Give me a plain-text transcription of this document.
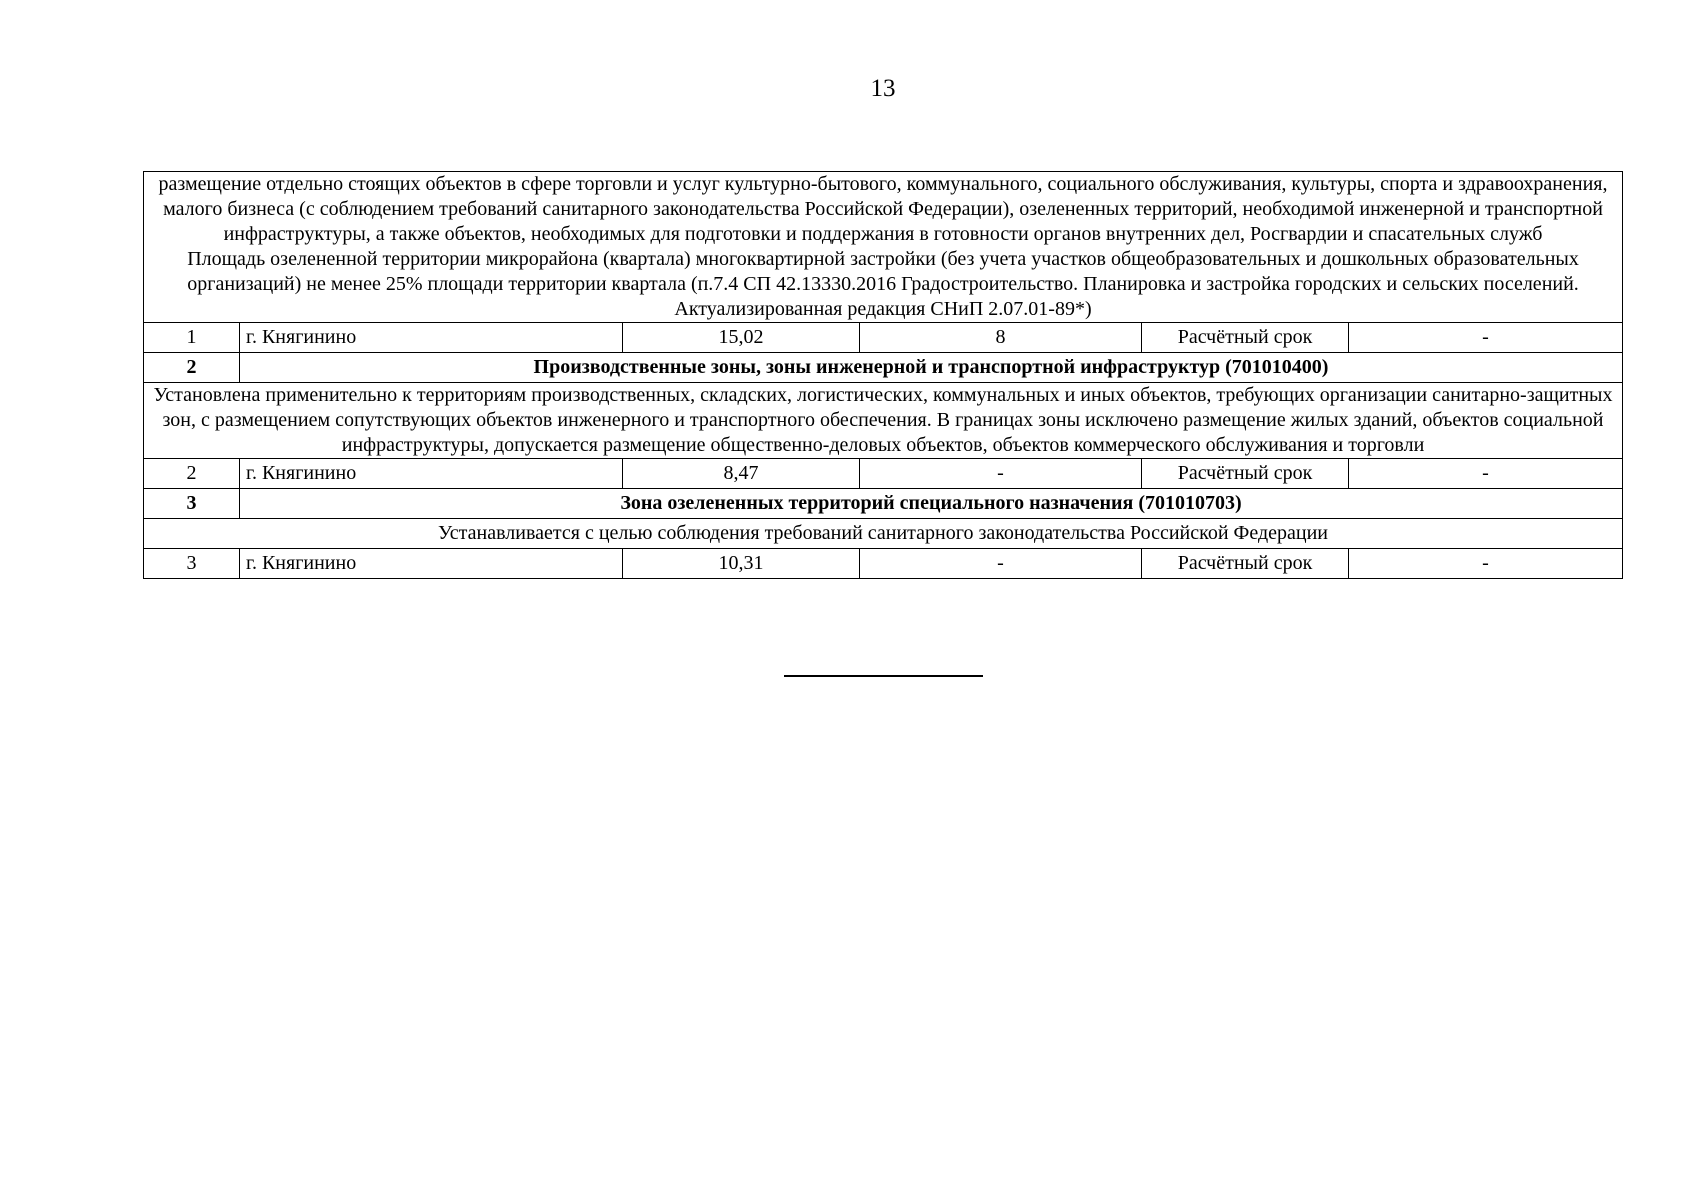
13

размещение отдельно стоящих объектов в сфере торговли и услуг культурно-бытового, коммунального, социального обслуживания, культуры, спорта и здравоохранения, малого бизнеса (с соблюдением требований санитарного законодательства Российской Федерации), озелененных территорий, необходимой инженерной и транспортной инфраструктуры, а также объектов, необходимых для подготовки и поддержания в готовности органов внутренних дел, Росгвардии и спасательных служб

Площадь озелененной территории микрорайона (квартала) многоквартирной застройки (без учета участков общеобразовательных и дошкольных образовательных организаций) не менее 25% площади территории квартала (п.7.4 СП 42.13330.2016 Градостроительство. Планировка и застройка городских и сельских поселений. Актуализированная редакция СНиП 2.07.01-89*)					

1	г. Княгинино	15,02	8	Расчётный срок	-
2	Производственные зоны, зоны инженерной и транспортной инфраструктур (701010400)				
Установлена применительно к территориям производственных, складских, логистических, коммунальных и иных объектов, требующих организации санитарно-защитных зон, с размещением сопутствующих объектов инженерного и транспортного обеспечения. В границах зоны исключено размещение жилых зданий, объектов социальной инфраструктуры, допускается размещение общественно-деловых объектов, объектов коммерческого обслуживания и торговли					
2	г. Княгинино	8,47	-	Расчётный срок	-
3	Зона озелененных территорий специального назначения (701010703)				
Устанавливается с целью соблюдения требований санитарного законодательства Российской Федерации					
3	г. Княгинино	10,31	-	Расчётный срок	-
